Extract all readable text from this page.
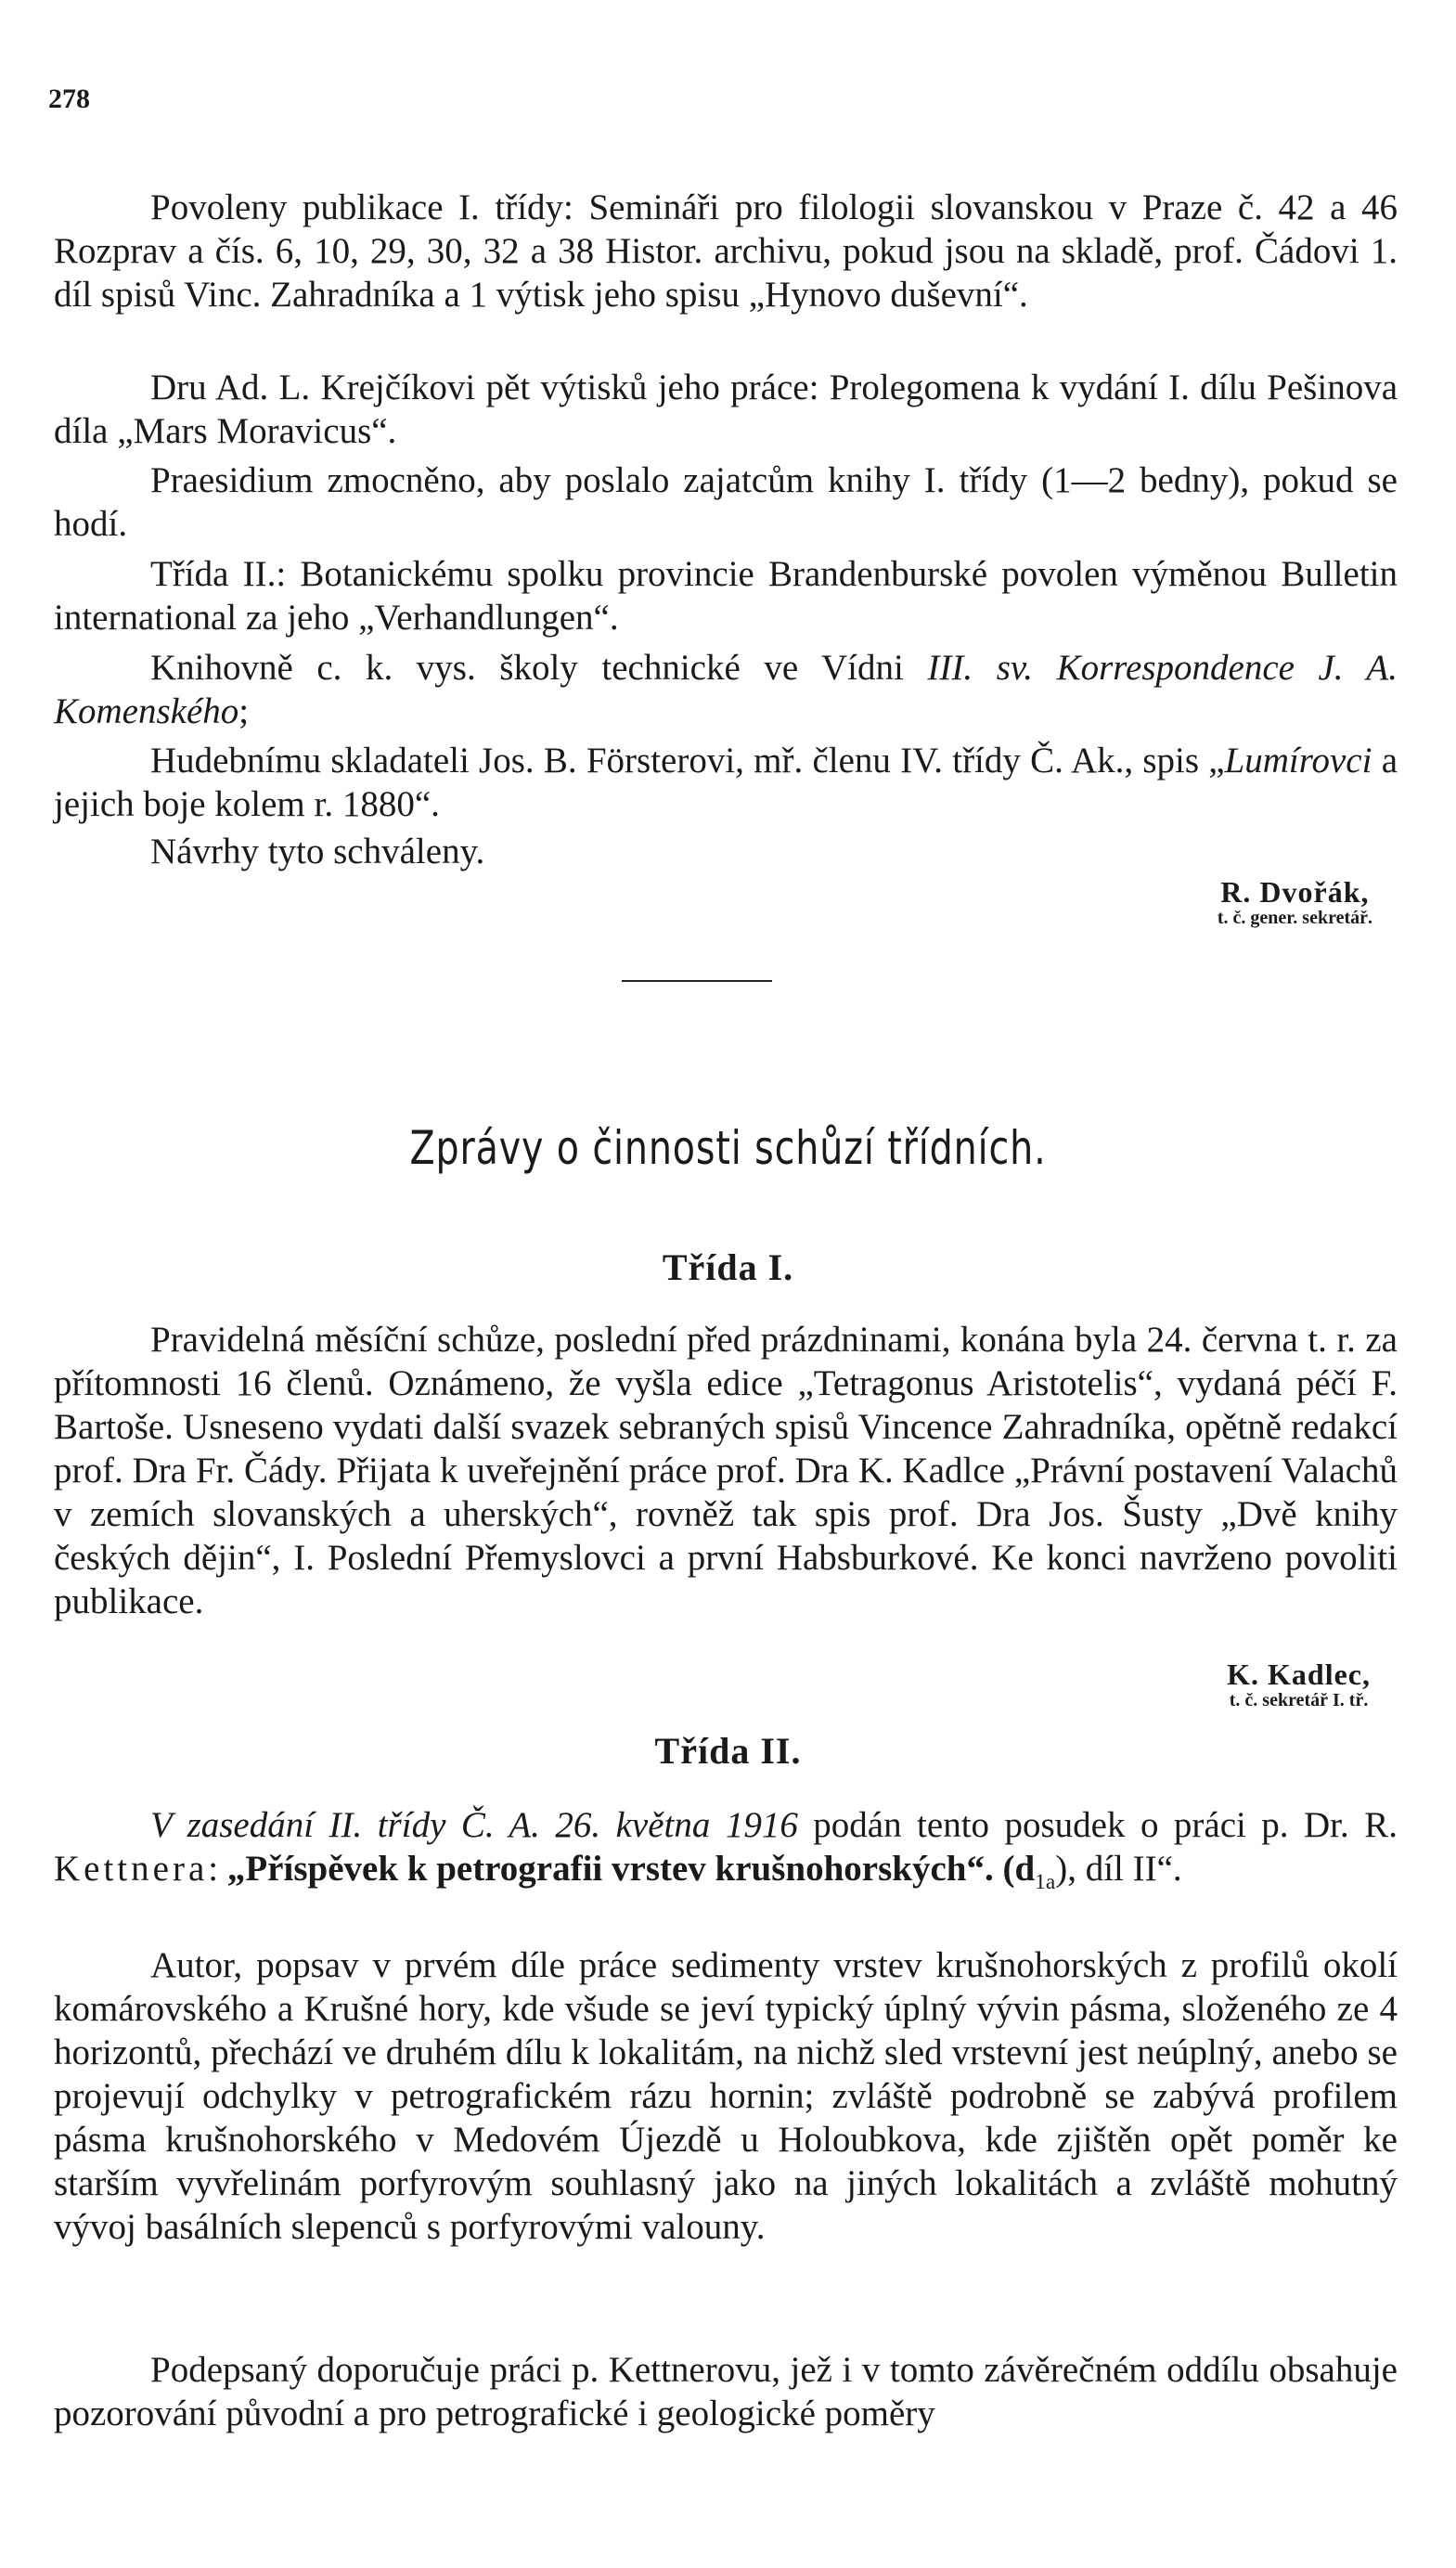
278

Povoleny publikace I. třídy: Semináři pro filologii slovanskou v Praze č. 42 a 46 Rozprav a čís. 6, 10, 29, 30, 32 a 38 Histor. archivu, pokud jsou na skladě, prof. Čádovi 1. díl spisů Vinc. Zahradníka a 1 výtisk jeho spisu „Hynovo duševní“.

Dru Ad. L. Krejčíkovi pět výtisků jeho práce: Prolegomena k vydání I. dílu Pešinova díla „Mars Moravicus“.

Praesidium zmocněno, aby poslalo zajatcům knihy I. třídy (1—2 bedny), pokud se hodí.

Třída II.: Botanickému spolku provincie Brandenburské povolen výměnou Bulletin international za jeho „Verhandlungen“.

Knihovně c. k. vys. školy technické ve Vídni III. sv. Korrespondence J. A. Komenského;

Hudebnímu skladateli Jos. B. Försterovi, mř. členu IV. třídy Č. Ak., spis „Lumírovci a jejich boje kolem r. 1880“.

Návrhy tyto schváleny.

R. Dvořák,
t. č. gener. sekretář.
Zprávy o činnosti schůzí třídních.
Třída I.

Pravidelná měsíční schůze, poslední před prázdninami, konána byla 24. června t. r. za přítomnosti 16 členů. Oznámeno, že vyšla edice „Tetragonus Aristotelis“, vydaná péčí F. Bartoše. Usneseno vydati další svazek sebraných spisů Vincence Zahradníka, opětně redakcí prof. Dra Fr. Čády. Přijata k uveřejnění práce prof. Dra K. Kadlce „Právní postavení Valachů v zemích slovanských a uherských“, rovněž tak spis prof. Dra Jos. Šusty „Dvě knihy českých dějin“, I. Poslední Přemyslovci a první Habsburkové. Ke konci navrženo povoliti publikace.

K. Kadlec,
t. č. sekretář I. tř.
Třída II.

V zasedání II. třídy Č. A. 26. května 1916 podán tento posudek o práci p. Dr. R. Kettnera: „Příspěvek k petrografii vrstev krušnohorských“. $(d_{1a})$, díl II“.

Autor, popsav v prvém díle práce sedimenty vrstev krušnohorských z profilů okolí komárovského a Krušné hory, kde všude se jeví typický úplný vývin pásma, složeného ze 4 horizontů, přechází ve druhém dílu k lokalitám, na nichž sled vrstevní jest neúplný, anebo se projevují odchylky v petrografickém rázu hornin; zvláště podrobně se zabývá profilem pásma krušnohorského v Medovém Újezdě u Holoubkova, kde zjištěn opět poměr ke starším vyvřelinám porfyrovým souhlasný jako na jiných lokalitách a zvláště mohutný vývoj basálních slepenců s porfyrovými valouny.

Podepsaný doporučuje práci p. Kettnerovu, jež i v tomto závěrečném oddílu obsahuje pozorování původní a pro petrografické i geologické poměry
